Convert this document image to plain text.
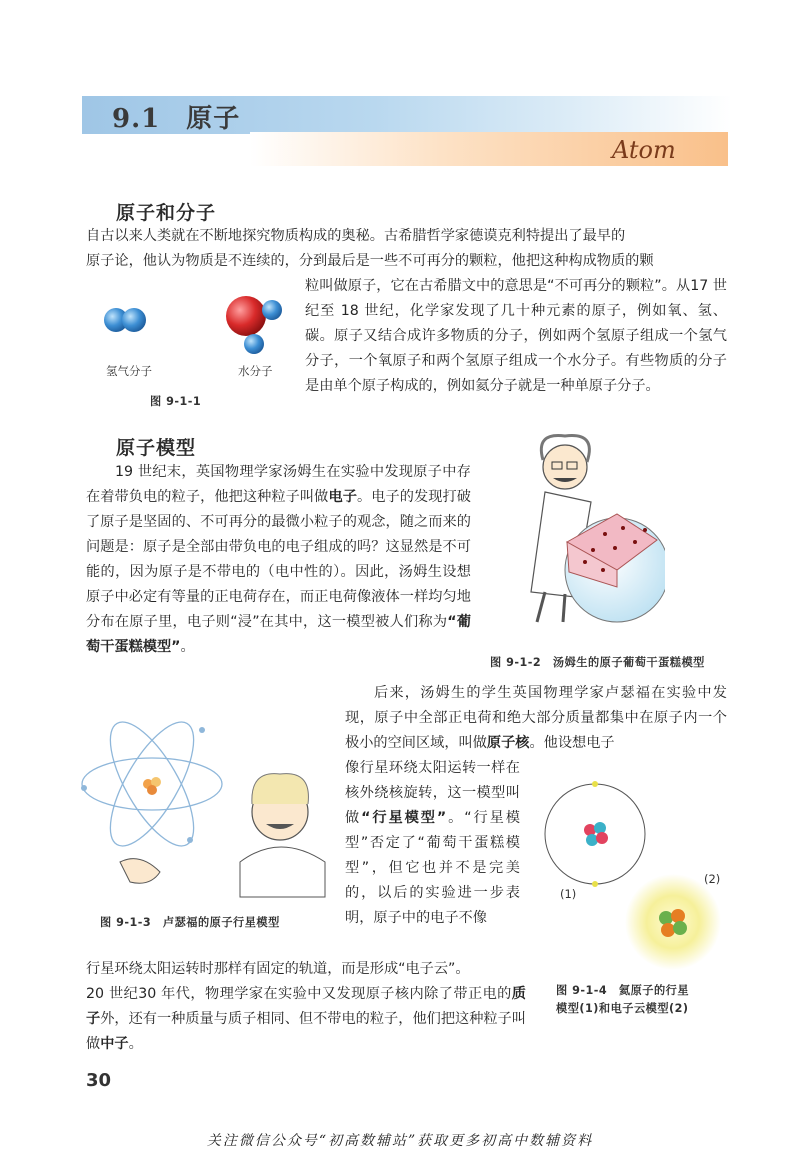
9.1 原子
Atom
原子和分子
自古以来人类就在不断地探究物质构成的奥秘。古希腊哲学家德谟克利特提出了最早的
原子论，他认为物质是不连续的，分到最后是一些不可再分的颗粒，他把这种构成物质的颗
粒叫做原子，它在古希腊文中的意思是“不可再分的颗粒”。从17 世纪至 18 世纪，化学家发现了几十种元素的原子，例如氧、氢、碳。原子又结合成许多物质的分子，例如两个氢原子组成一个氢气分子，一个氧原子和两个氢原子组成一个水分子。有些物质的分子是由单个原子构成的，例如氦分子就是一种单原子分子。
氢气分子	水分子
图 9-1-1
原子模型
19 世纪末，英国物理学家汤姆生在实验中发现原子中存在着带负电的粒子，他把这种粒子叫做电子。电子的发现打破了原子是坚固的、不可再分的最微小粒子的观念，随之而来的问题是：原子是全部由带负电的电子组成的吗？这显然是不可能的，因为原子是不带电的（电中性的）。因此，汤姆生设想原子中必定有等量的正电荷存在，而正电荷像液体一样均匀地分布在原子里，电子则“浸”在其中，这一模型被人们称为“葡萄干蛋糕模型”。
图 9-1-2　汤姆生的原子葡萄干蛋糕模型
后来，汤姆生的学生英国物理学家卢瑟福在实验中发现，原子中全部正电荷和绝大部分质量都集中在原子内一个极小的空间区域，叫做原子核。他设想电子
像行星环绕太阳运转一样在核外绕核旋转，这一模型叫做“行星模型”。“行星模型”否定了“葡萄干蛋糕模型”，但它也并不是完美的，以后的实验进一步表明，原子中的电子不像
行星环绕太阳运转时那样有固定的轨道，而是形成“电子云”。
20 世纪30 年代，物理学家在实验中又发现原子核内除了带正电的质子外，还有一种质量与质子相同、但不带电的粒子，他们把这种粒子叫做中子。
图 9-1-3　卢瑟福的原子行星模型
(1)
(2)
图 9-1-4　氦原子的行星
模型(1)和电子云模型(2)
30
关注微信公众号“初高数辅站”获取更多初高中数辅资料
